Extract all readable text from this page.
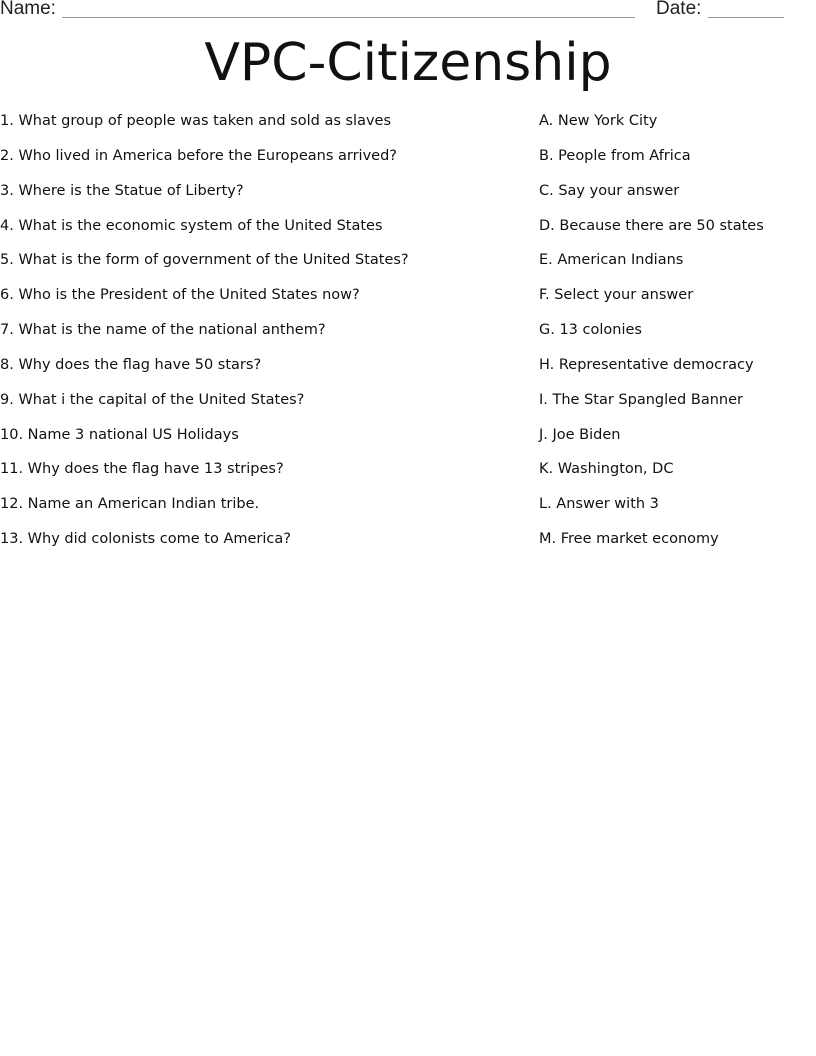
Name:	Date:
VPC-Citizenship
1. What group of people was taken and sold as slaves
2. Who lived in America before the Europeans arrived?
3. Where is the Statue of Liberty?
4. What is the economic system of the United States
5. What is the form of government of the United States?
6. Who is the President of the United States now?
7. What is the name of the national anthem?
8. Why does the flag have 50 stars?
9. What i the capital of the United States?
10. Name 3 national US Holidays
11. Why does the flag have 13 stripes?
12. Name an American Indian tribe.
13. Why did colonists come to America?
A. New York City
B. People from Africa
C. Say your answer
D. Because there are 50 states
E. American Indians
F. Select your answer
G. 13 colonies
H. Representative democracy
I. The Star Spangled Banner
J. Joe Biden
K. Washington, DC
L. Answer with 3
M. Free market economy
